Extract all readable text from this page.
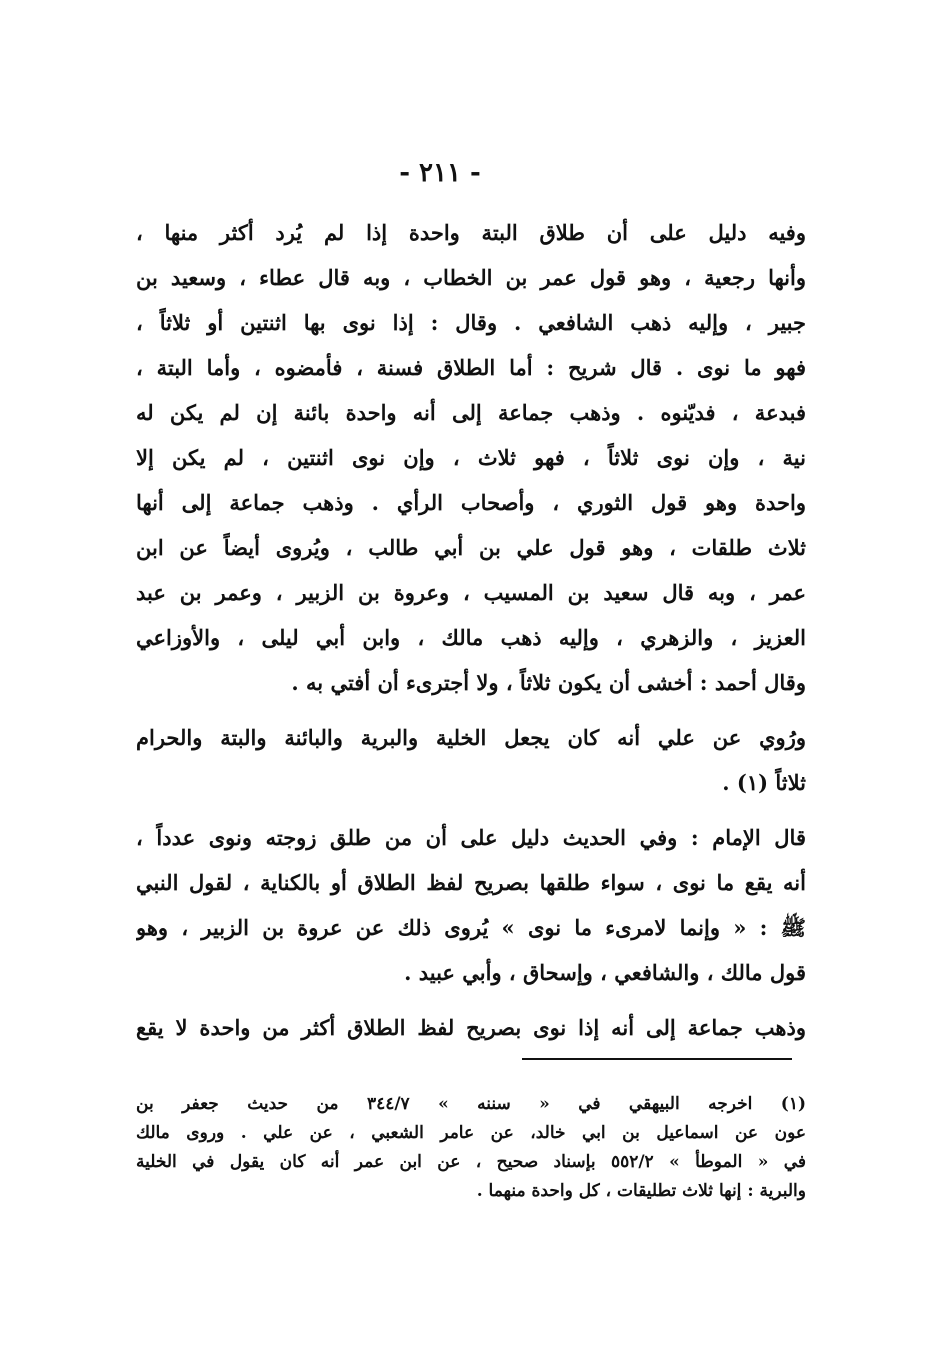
- ٢١١ -
وفيه دليل على أن طلاق البتة واحدة إذا لم يُرد أكثر منها ،
وأنها رجعية ، وهو قول عمر بن الخطاب ، وبه قال عطاء ، وسعيد بن
جبير ، وإليه ذهب الشافعي . وقال : إذا نوى بها اثنتين أو ثلاثاً ،
فهو ما نوى . قال شريح : أما الطلاق فسنة ، فأمضوه ، وأما البتة ،
فبدعة ، فديّنوه . وذهب جماعة إلى أنه واحدة بائنة إن لم يكن له
نية ، وإن نوى ثلاثاً ، فهو ثلاث ، وإن نوى اثنتين ، لم يكن إلا
واحدة وهو قول الثوري ، وأصحاب الرأي . وذهب جماعة إلى أنها
ثلاث طلقات ، وهو قول علي بن أبي طالب ، ويُروى أيضاً عن ابن
عمر ، وبه قال سعيد بن المسيب ، وعروة بن الزبير ، وعمر بن عبد
العزيز ، والزهري ، وإليه ذهب مالك ، وابن أبي ليلى ، والأوزاعي
وقال أحمد : أخشى أن يكون ثلاثاً ، ولا أجترىء أن أفتي به .
ورُوي عن علي أنه كان يجعل الخلية والبرية والبائنة والبتة والحرام
ثلاثاً (١) .
قال الإمام : وفي الحديث دليل على أن من طلق زوجته ونوى عدداً ،
أنه يقع ما نوى ، سواء طلقها بصريح لفظ الطلاق أو بالكناية ، لقول النبي
ﷺ : « وإنما لامرىء ما نوى » يُروى ذلك عن عروة بن الزبير ، وهو
قول مالك ، والشافعي ، وإسحاق ، وأبي عبيد .
وذهب جماعة إلى أنه إذا نوى بصريح لفظ الطلاق أكثر من واحدة لا يقع
(١) اخرجه البيهقي في « سننه » ٣٤٤/٧ من حديث جعفر بن
عون عن اسماعيل بن ابي خالد، عن عامر الشعبي ، عن علي . وروى مالك
في « الموطأ » ٥٥٢/٢ بإسناد صحيح ، عن ابن عمر أنه كان يقول في الخلية
والبرية : إنها ثلاث تطليقات ، كل واحدة منهما .
